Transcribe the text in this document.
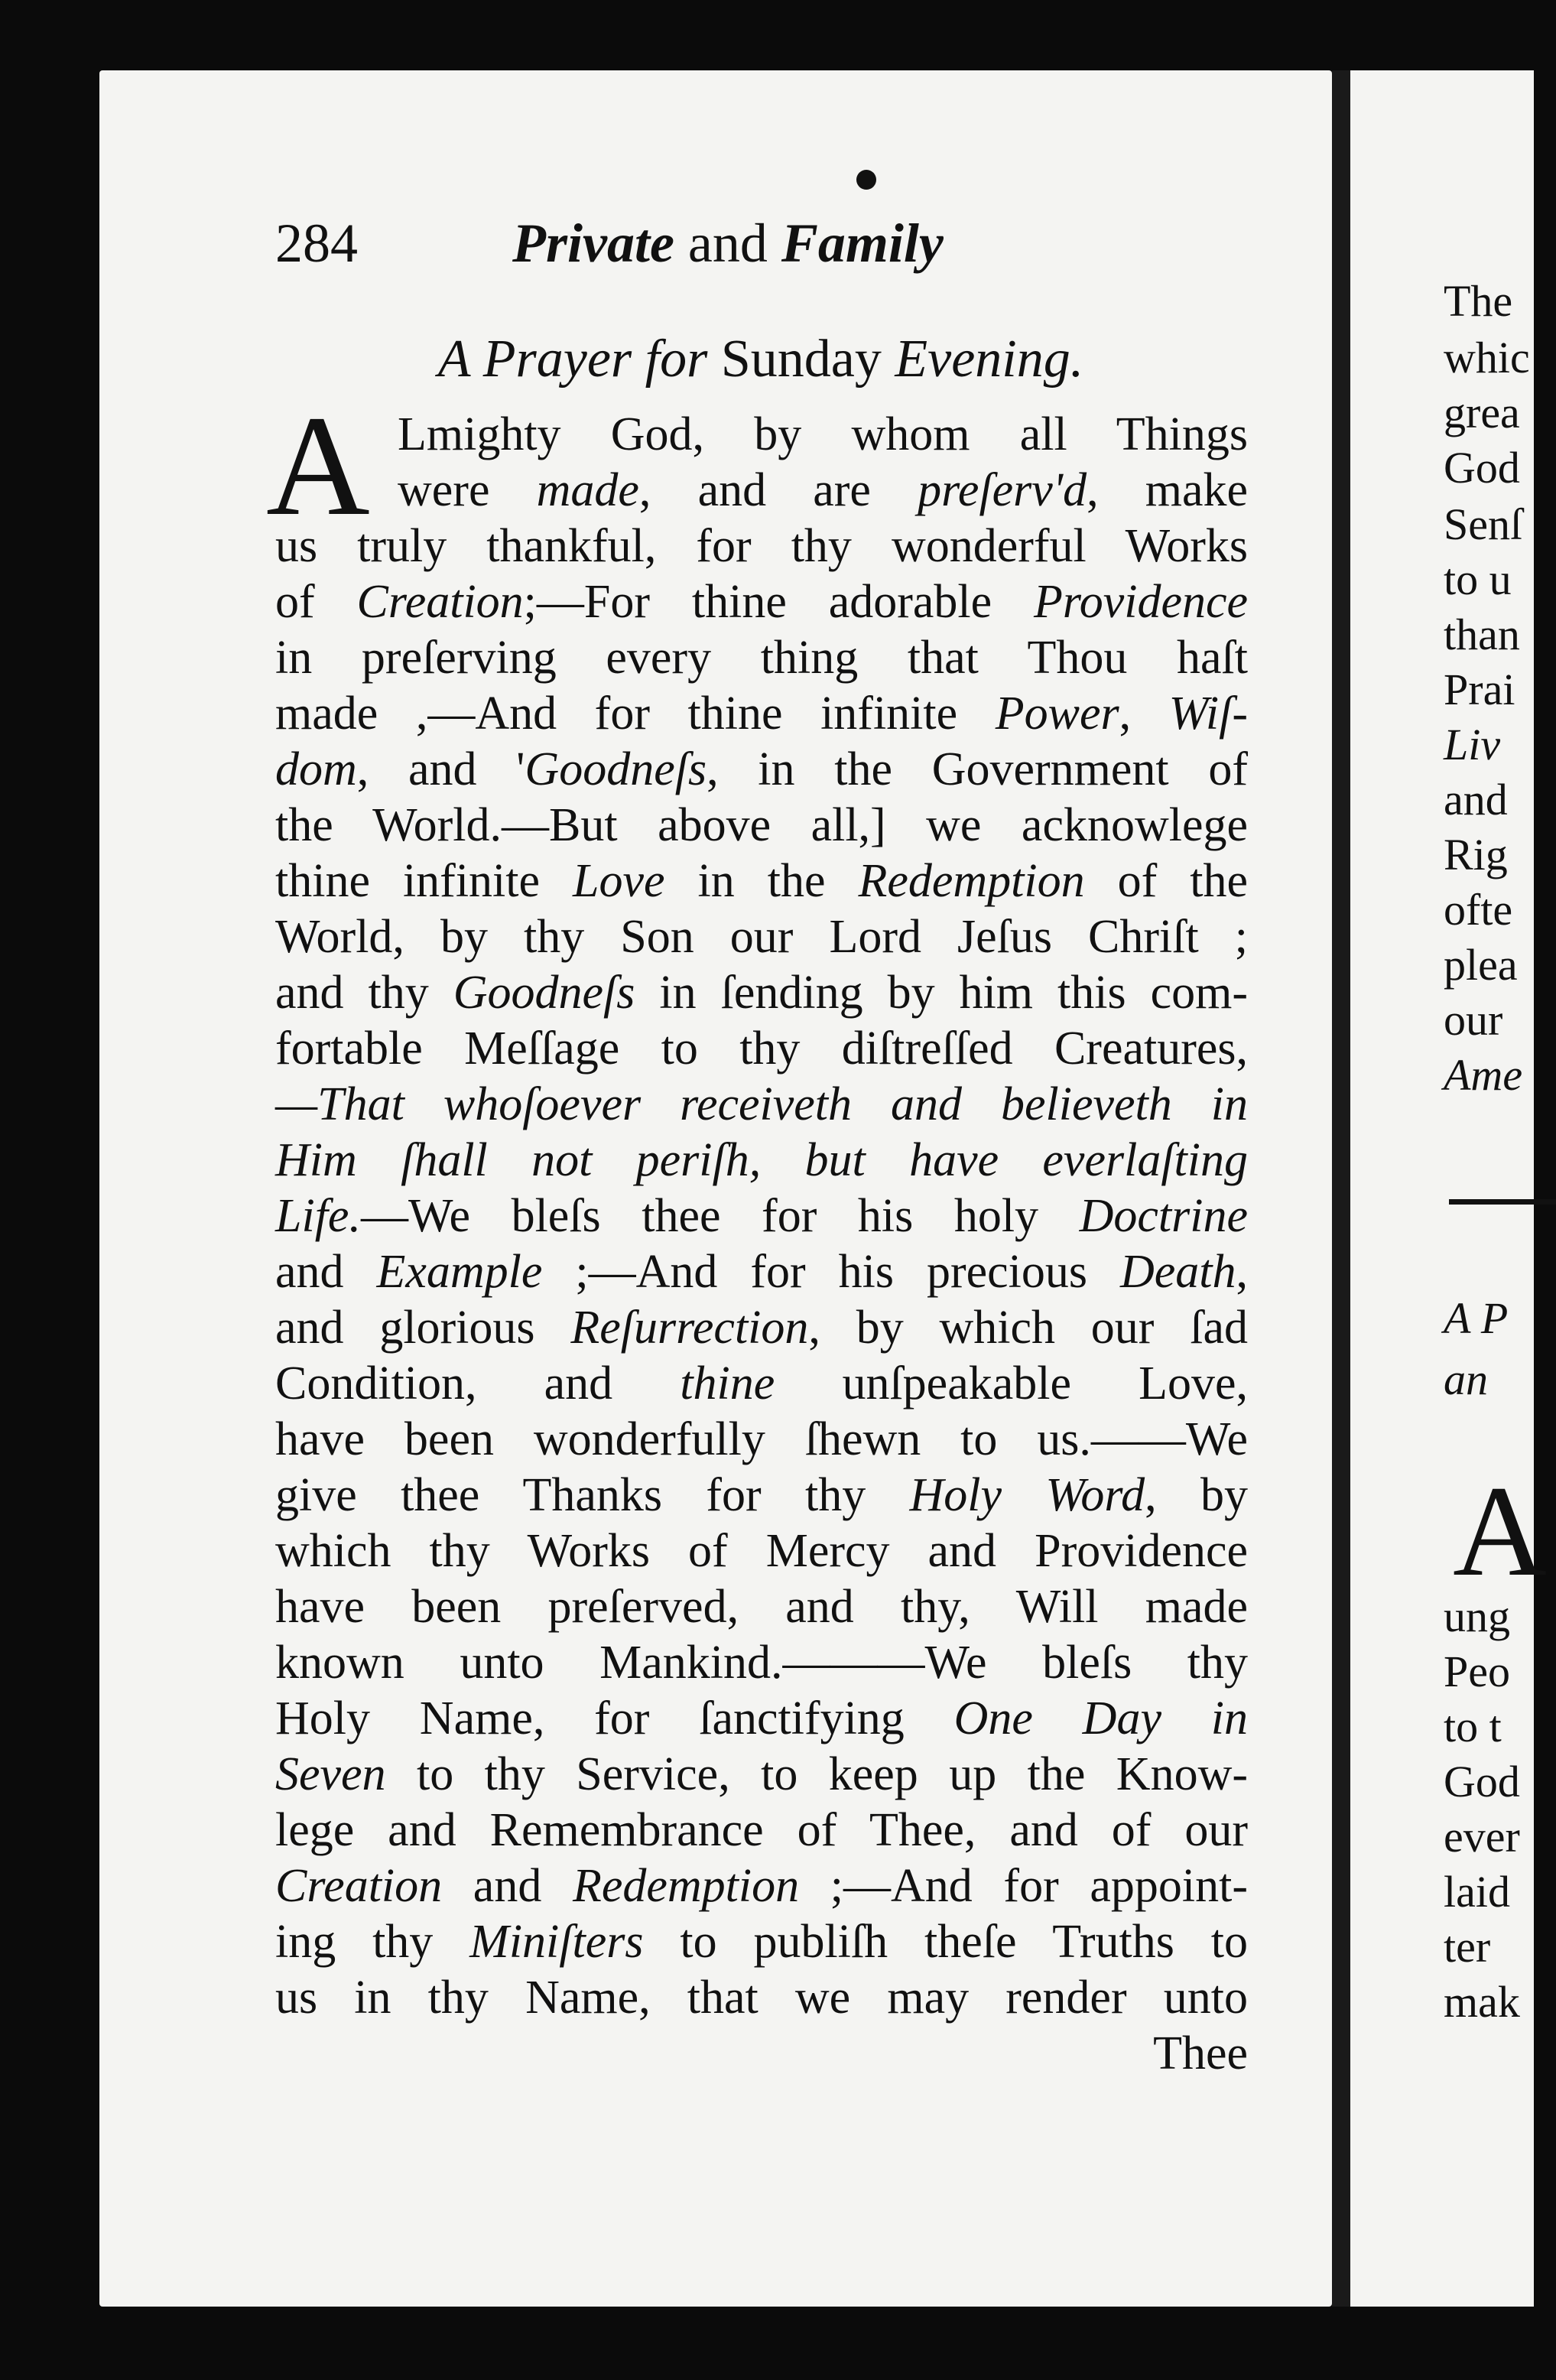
284	Private and Family
A Prayer for Sunday Evening.
A Lmighty God, by whom all Things
were made, and are preſerv'd, make
us truly thankful, for thy wonderful Works
of Creation;—For thine adorable Providence
in preſerving every thing that Thou haſt
made ,—And for thine infinite Power, Wiſ-
dom, and 'Goodneſs, in the Government of
the World.—But above all,] we acknowlege
thine infinite Love in the Redemption of the
World, by thy Son our Lord Jeſus Chriſt ;
and thy Goodneſs in ſending by him this com-
fortable Meſſage to thy diſtreſſed Creatures,
—That whoſoever receiveth and believeth in
Him ſhall not periſh, but have everlaſting
Life.—We bleſs thee for his holy Doctrine
and Example ;—And for his precious Death,
and glorious Reſurrection, by which our ſad
Condition, and thine unſpeakable Love,
have been wonderfully ſhewn to us.——We
give thee Thanks for thy Holy Word, by
which thy Works of Mercy and Providence
have been preſerved, and thy, Will made
known unto Mankind.———We bleſs thy
Holy Name, for ſanctifying One Day in
Seven to thy Service, to keep up the Know-
lege and Remembrance of Thee, and of our
Creation and Redemption ;—And for appoint-
ing thy Miniſters to publiſh theſe Truths to
us in thy Name, that we may render unto
Thee
The
whic
grea
God
Senſ
to u
than
Prai
Liv
and
Rig
ofte
plea
our
Ame
A P
an
ung
Peo
to t
God
ever
laid
ter
mak
A
